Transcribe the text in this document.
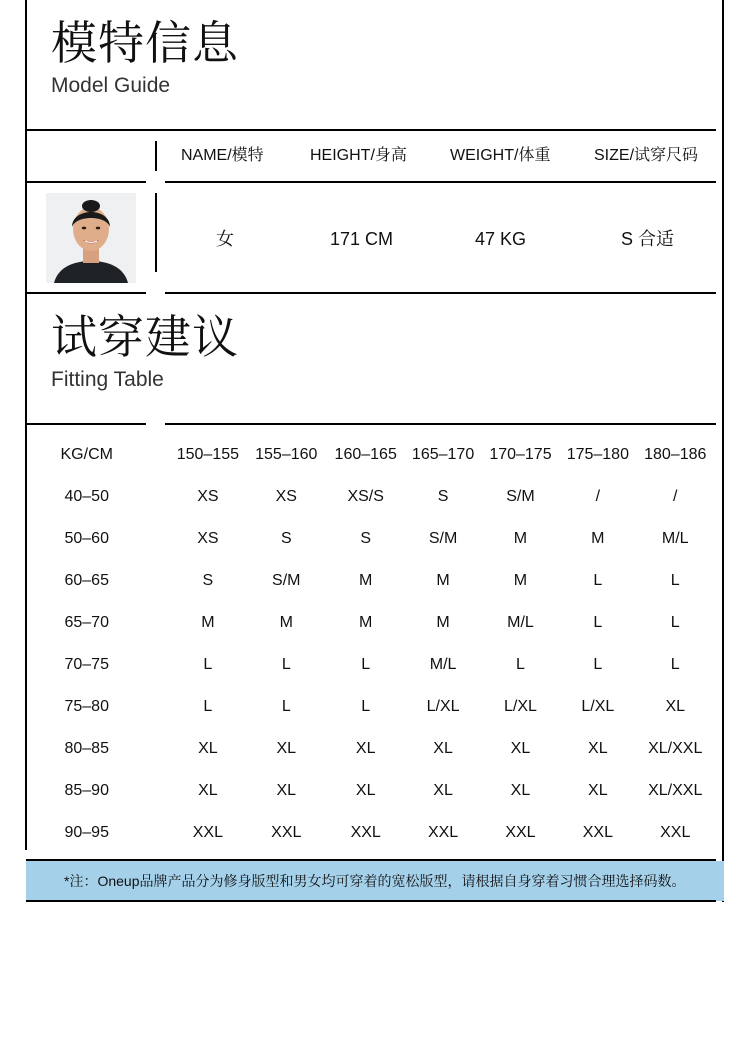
模特信息
Model Guide
NAME/模特	HEIGHT/身高	WEIGHT/体重	SIZE/试穿尺码
女	171 CM	47 KG	S 合适
试穿建议
Fitting Table
KG/CM		150–155	155–160	160–165	165–170	170–175	175–180	180–186
40–50		XS	XS	XS/S	S	S/M	/	/
50–60		XS	S	S	S/M	M	M	M/L
60–65		S	S/M	M	M	M	L	L
65–70		M	M	M	M	M/L	L	L
70–75		L	L	L	M/L	L	L	L
75–80		L	L	L	L/XL	L/XL	L/XL	XL
80–85		XL	XL	XL	XL	XL	XL	XL/XXL
85–90		XL	XL	XL	XL	XL	XL	XL/XXL
90–95		XXL	XXL	XXL	XXL	XXL	XXL	XXL
*注：Oneup品牌产品分为修身版型和男女均可穿着的宽松版型，请根据自身穿着习惯合理选择码数。
